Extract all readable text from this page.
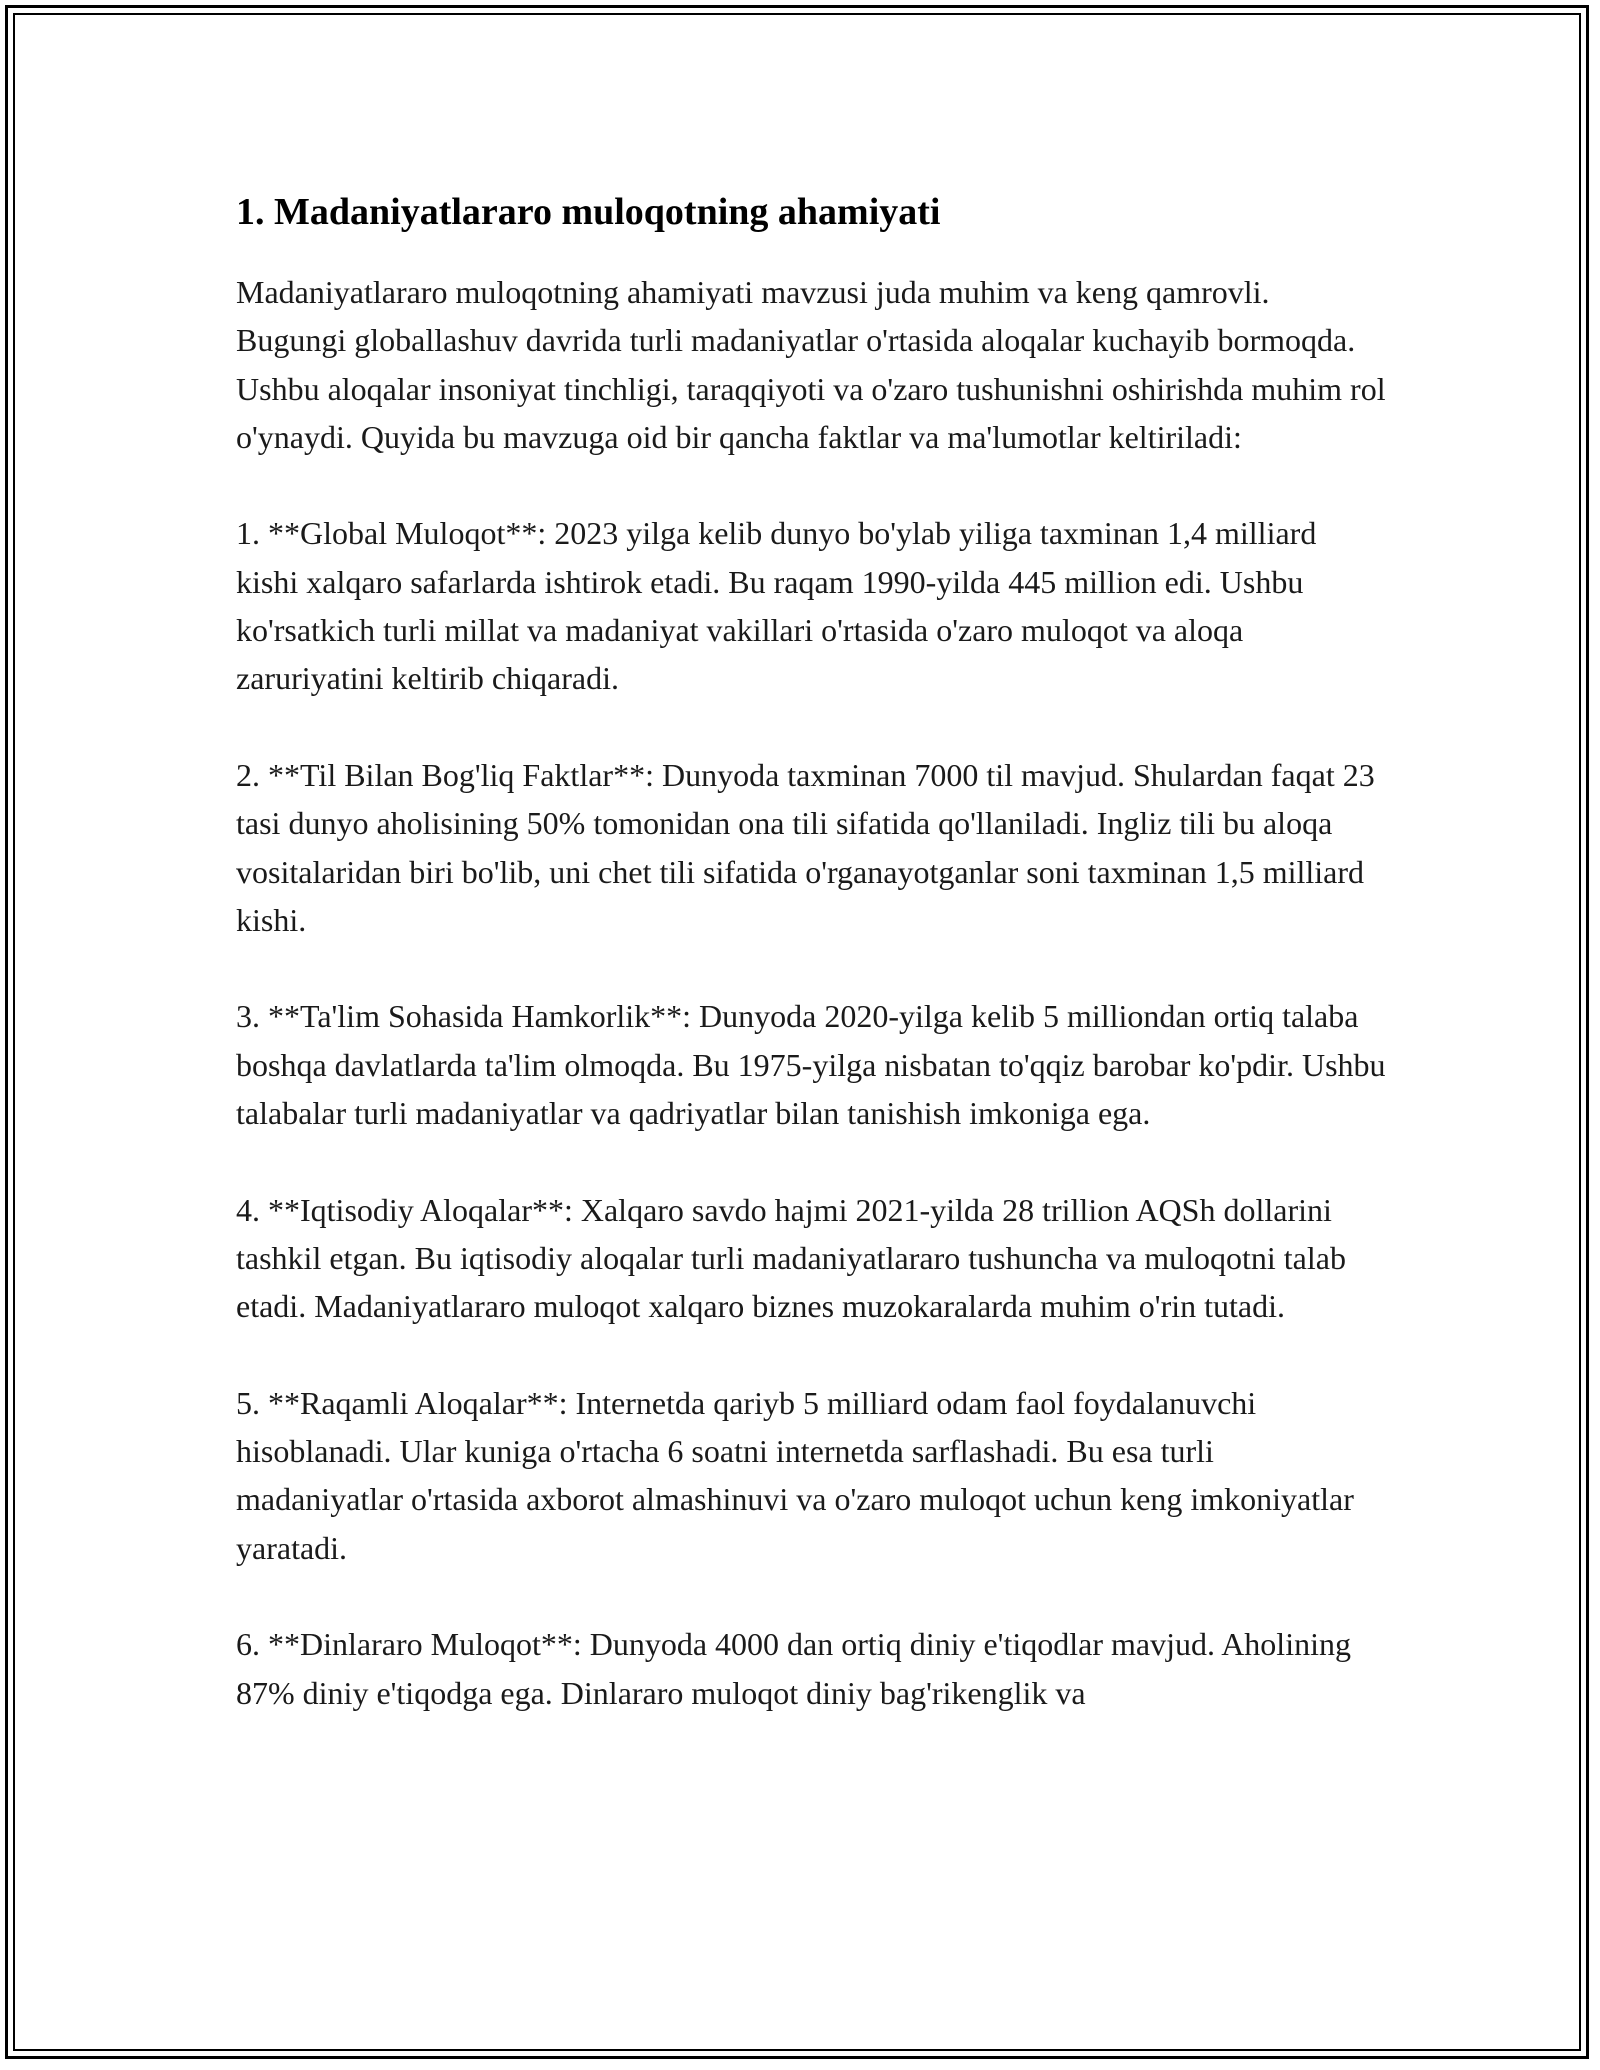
1. Madaniyatlararo muloqotning ahamiyati

Madaniyatlararo muloqotning ahamiyati mavzusi juda muhim va keng qamrovli. Bugungi globallashuv davrida turli madaniyatlar o'rtasida aloqalar kuchayib bormoqda. Ushbu aloqalar insoniyat tinchligi, taraqqiyoti va o'zaro tushunishni oshirishda muhim rol o'ynaydi. Quyida bu mavzuga oid bir qancha faktlar va ma'lumotlar keltiriladi:

1. **Global Muloqot**: 2023 yilga kelib dunyo bo'ylab yiliga taxminan 1,4 milliard kishi xalqaro safarlarda ishtirok etadi. Bu raqam 1990-yilda 445 million edi. Ushbu ko'rsatkich turli millat va madaniyat vakillari o'rtasida o'zaro muloqot va aloqa zaruriyatini keltirib chiqaradi.

2. **Til Bilan Bog'liq Faktlar**: Dunyoda taxminan 7000 til mavjud. Shulardan faqat 23 tasi dunyo aholisining 50% tomonidan ona tili sifatida qo'llaniladi. Ingliz tili bu aloqa vositalaridan biri bo'lib, uni chet tili sifatida o'rganayotganlar soni taxminan 1,5 milliard kishi.

3. **Ta'lim Sohasida Hamkorlik**: Dunyoda 2020-yilga kelib 5 milliondan ortiq talaba boshqa davlatlarda ta'lim olmoqda. Bu 1975-yilga nisbatan to'qqiz barobar ko'pdir. Ushbu talabalar turli madaniyatlar va qadriyatlar bilan tanishish imkoniga ega.

4. **Iqtisodiy Aloqalar**: Xalqaro savdo hajmi 2021-yilda 28 trillion AQSh dollarini tashkil etgan. Bu iqtisodiy aloqalar turli madaniyatlararo tushuncha va muloqotni talab etadi. Madaniyatlararo muloqot xalqaro biznes muzokaralarda muhim o'rin tutadi.

5. **Raqamli Aloqalar**: Internetda qariyb 5 milliard odam faol foydalanuvchi hisoblanadi. Ular kuniga o'rtacha 6 soatni internetda sarflashadi. Bu esa turli madaniyatlar o'rtasida axborot almashinuvi va o'zaro muloqot uchun keng imkoniyatlar yaratadi.

6. **Dinlararo Muloqot**: Dunyoda 4000 dan ortiq diniy e'tiqodlar mavjud. Aholining 87% diniy e'tiqodga ega. Dinlararo muloqot diniy bag'rikenglik va
